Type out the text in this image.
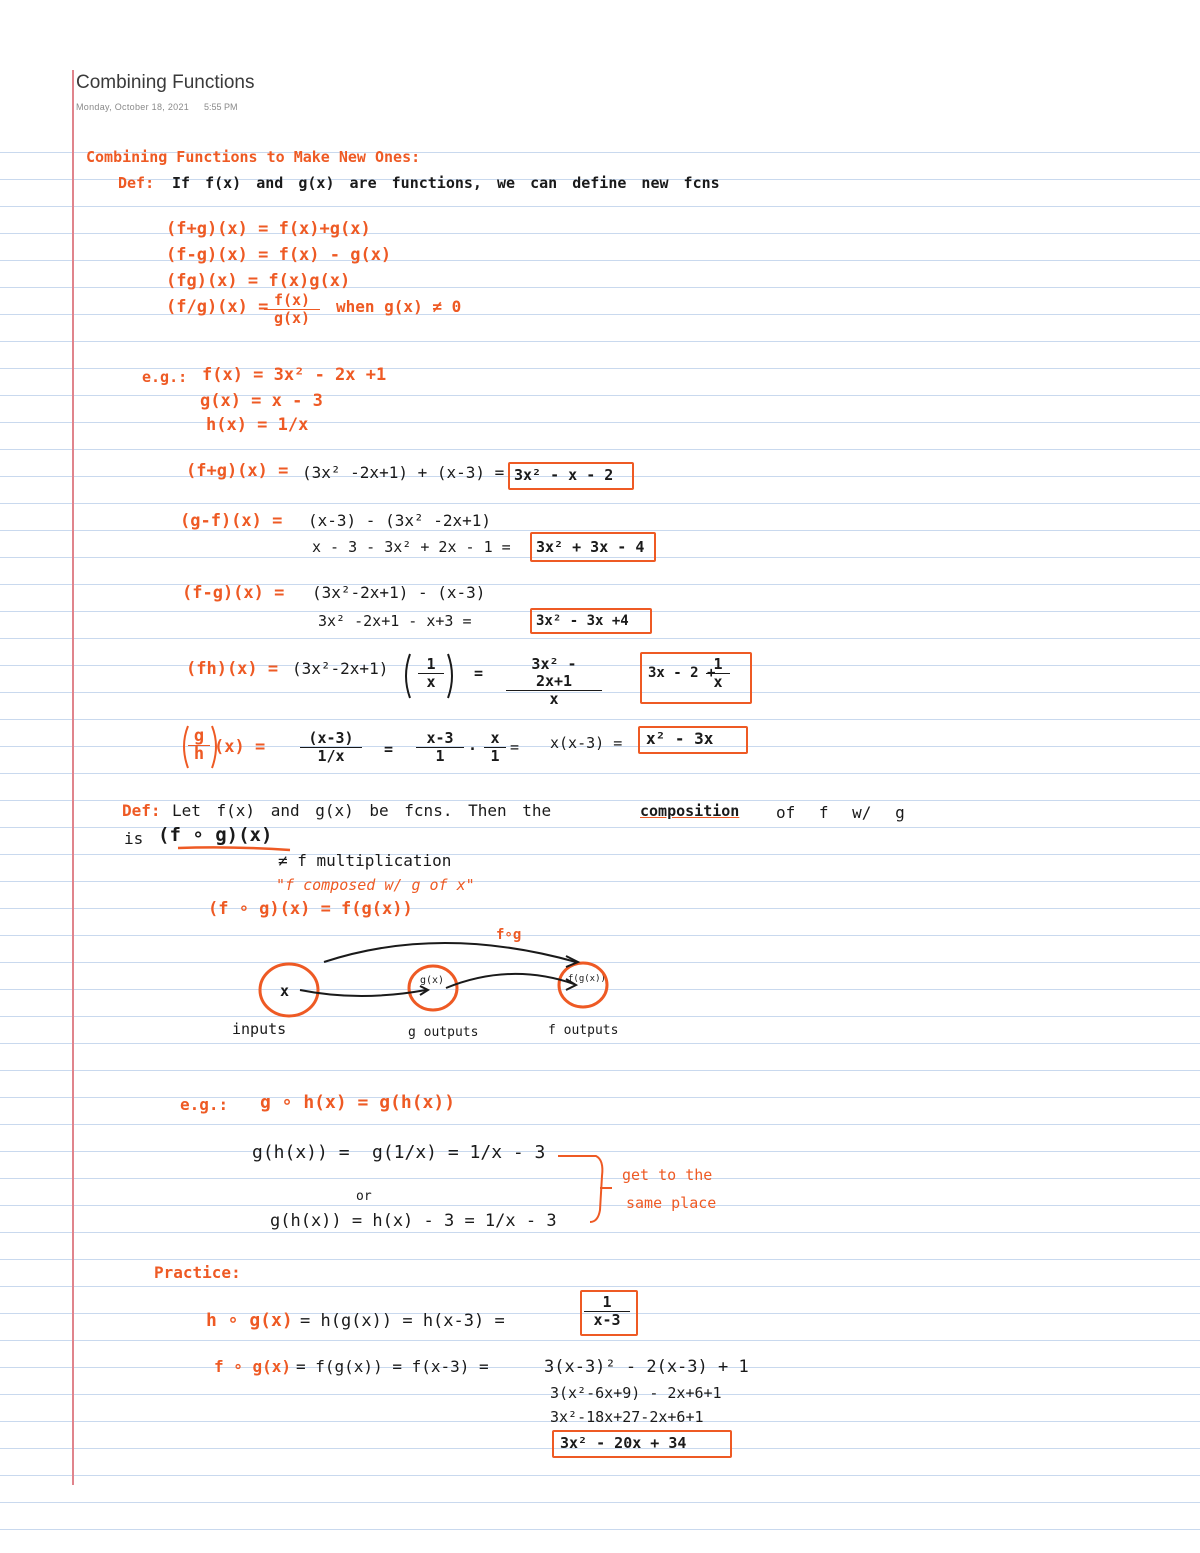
Combining Functions
Monday, October 18, 2021 5:55 PM
Combining Functions to Make New Ones:
Def: If f(x) and g(x) are functions, we can define new fcns
(f+g)(x) = f(x)+g(x)
(f-g)(x) = f(x) - g(x)
(fg)(x) = f(x)g(x)
(f/g)(x) =
$\frac{f(x)}{g(x)}$ when g(x) ≠ 0
e.g.: f(x) = 3x² - 2x +1
g(x) = x - 3
h(x) = 1/x
(f+g)(x) = (3x² -2x+1) + (x-3) = 3x² - x - 2
(g-f)(x) = (x-3) - (3x² -2x+1)
x - 3 - 3x² + 2x - 1 = 3x² + 3x - 4
(f-g)(x) = (3x²-2x+1) - (x-3)
3x² -2x+1 - x+3 =	3x² - 3x +4
$(fh)(x) = (3x^2-2x+1) \frac{1}{x} = \frac{\text{3x² - 2x+1}}{x}$	3x - 2 +
$\frac{1}{x}$
$\frac{g}{h} (x) = \frac{(x-3)}{1/x} = \frac{x-3}{1} \cdot \frac{x}{1} = x(x-3) = x^2 - 3x$
Def: Let f(x) and g(x) be fcns. Then the	composition of f w/ g
is (f ∘ g)(x)
≠ f multiplication
"f composed w/ g of x"
(f ∘ g)(x) = f(g(x))
f∘g
x
g(x)	f(g(x))
inputs	g outputs	f outputs
e.g.: g ∘ h(x) = g(h(x))
g(h(x)) = g(1/x) = 1/x - 3
or
g(h(x)) = h(x) - 3 = 1/x - 3
get to the
same place
Practice:
h ∘ g(x) = h(g(x)) = h(x-3) =	$\frac{1}{x-3}$
f ∘ g(x) = f(g(x)) = f(x-3) =	3(x-3)² - 2(x-3) + 1
3(x²-6x+9) - 2x+6+1
3x²-18x+27-2x+6+1
3x² - 20x + 34
